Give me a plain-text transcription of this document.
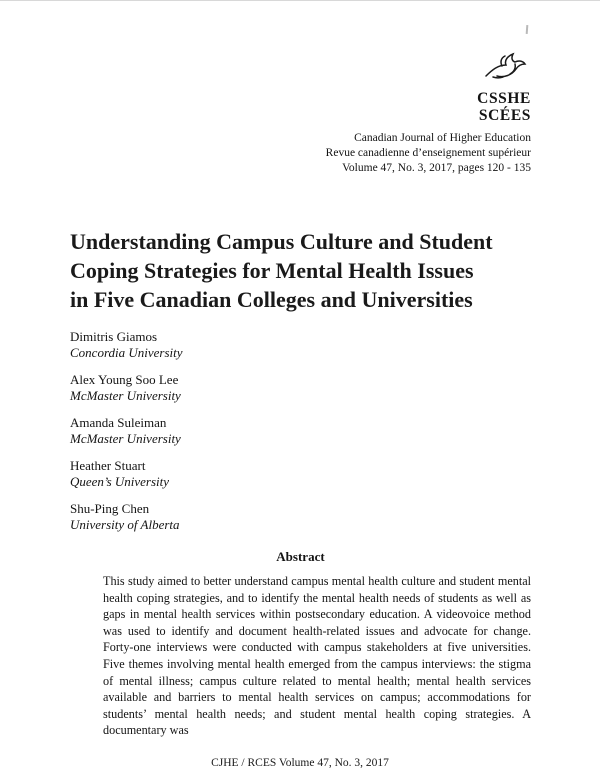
CSSHE
SCÉES
Canadian Journal of Higher Education
Revue canadienne d’enseignement supérieur
Volume 47, No. 3, 2017, pages 120 - 135
Understanding Campus Culture and Student
Coping Strategies for Mental Health Issues
in Five Canadian Colleges and Universities
Dimitris Giamos
Concordia University
Alex Young Soo Lee
McMaster University
Amanda Suleiman
McMaster University
Heather Stuart
Queen’s University
Shu-Ping Chen
University of Alberta
Abstract

This study aimed to better understand campus mental health culture and student mental health coping strategies, and to identify the mental health needs of students as well as gaps in mental health services within postsecondary education. A videovoice method was used to identify and document health-related issues and advocate for change. Forty-one interviews were conducted with campus stakeholders at five universities. Five themes involving mental health emerged from the campus interviews: the stigma of mental illness; campus culture related to mental health; mental health services available and barriers to mental health services on campus; accommodations for students’ mental health needs; and student mental health coping strategies. A documentary was

CJHE / RCES Volume 47, No. 3, 2017
